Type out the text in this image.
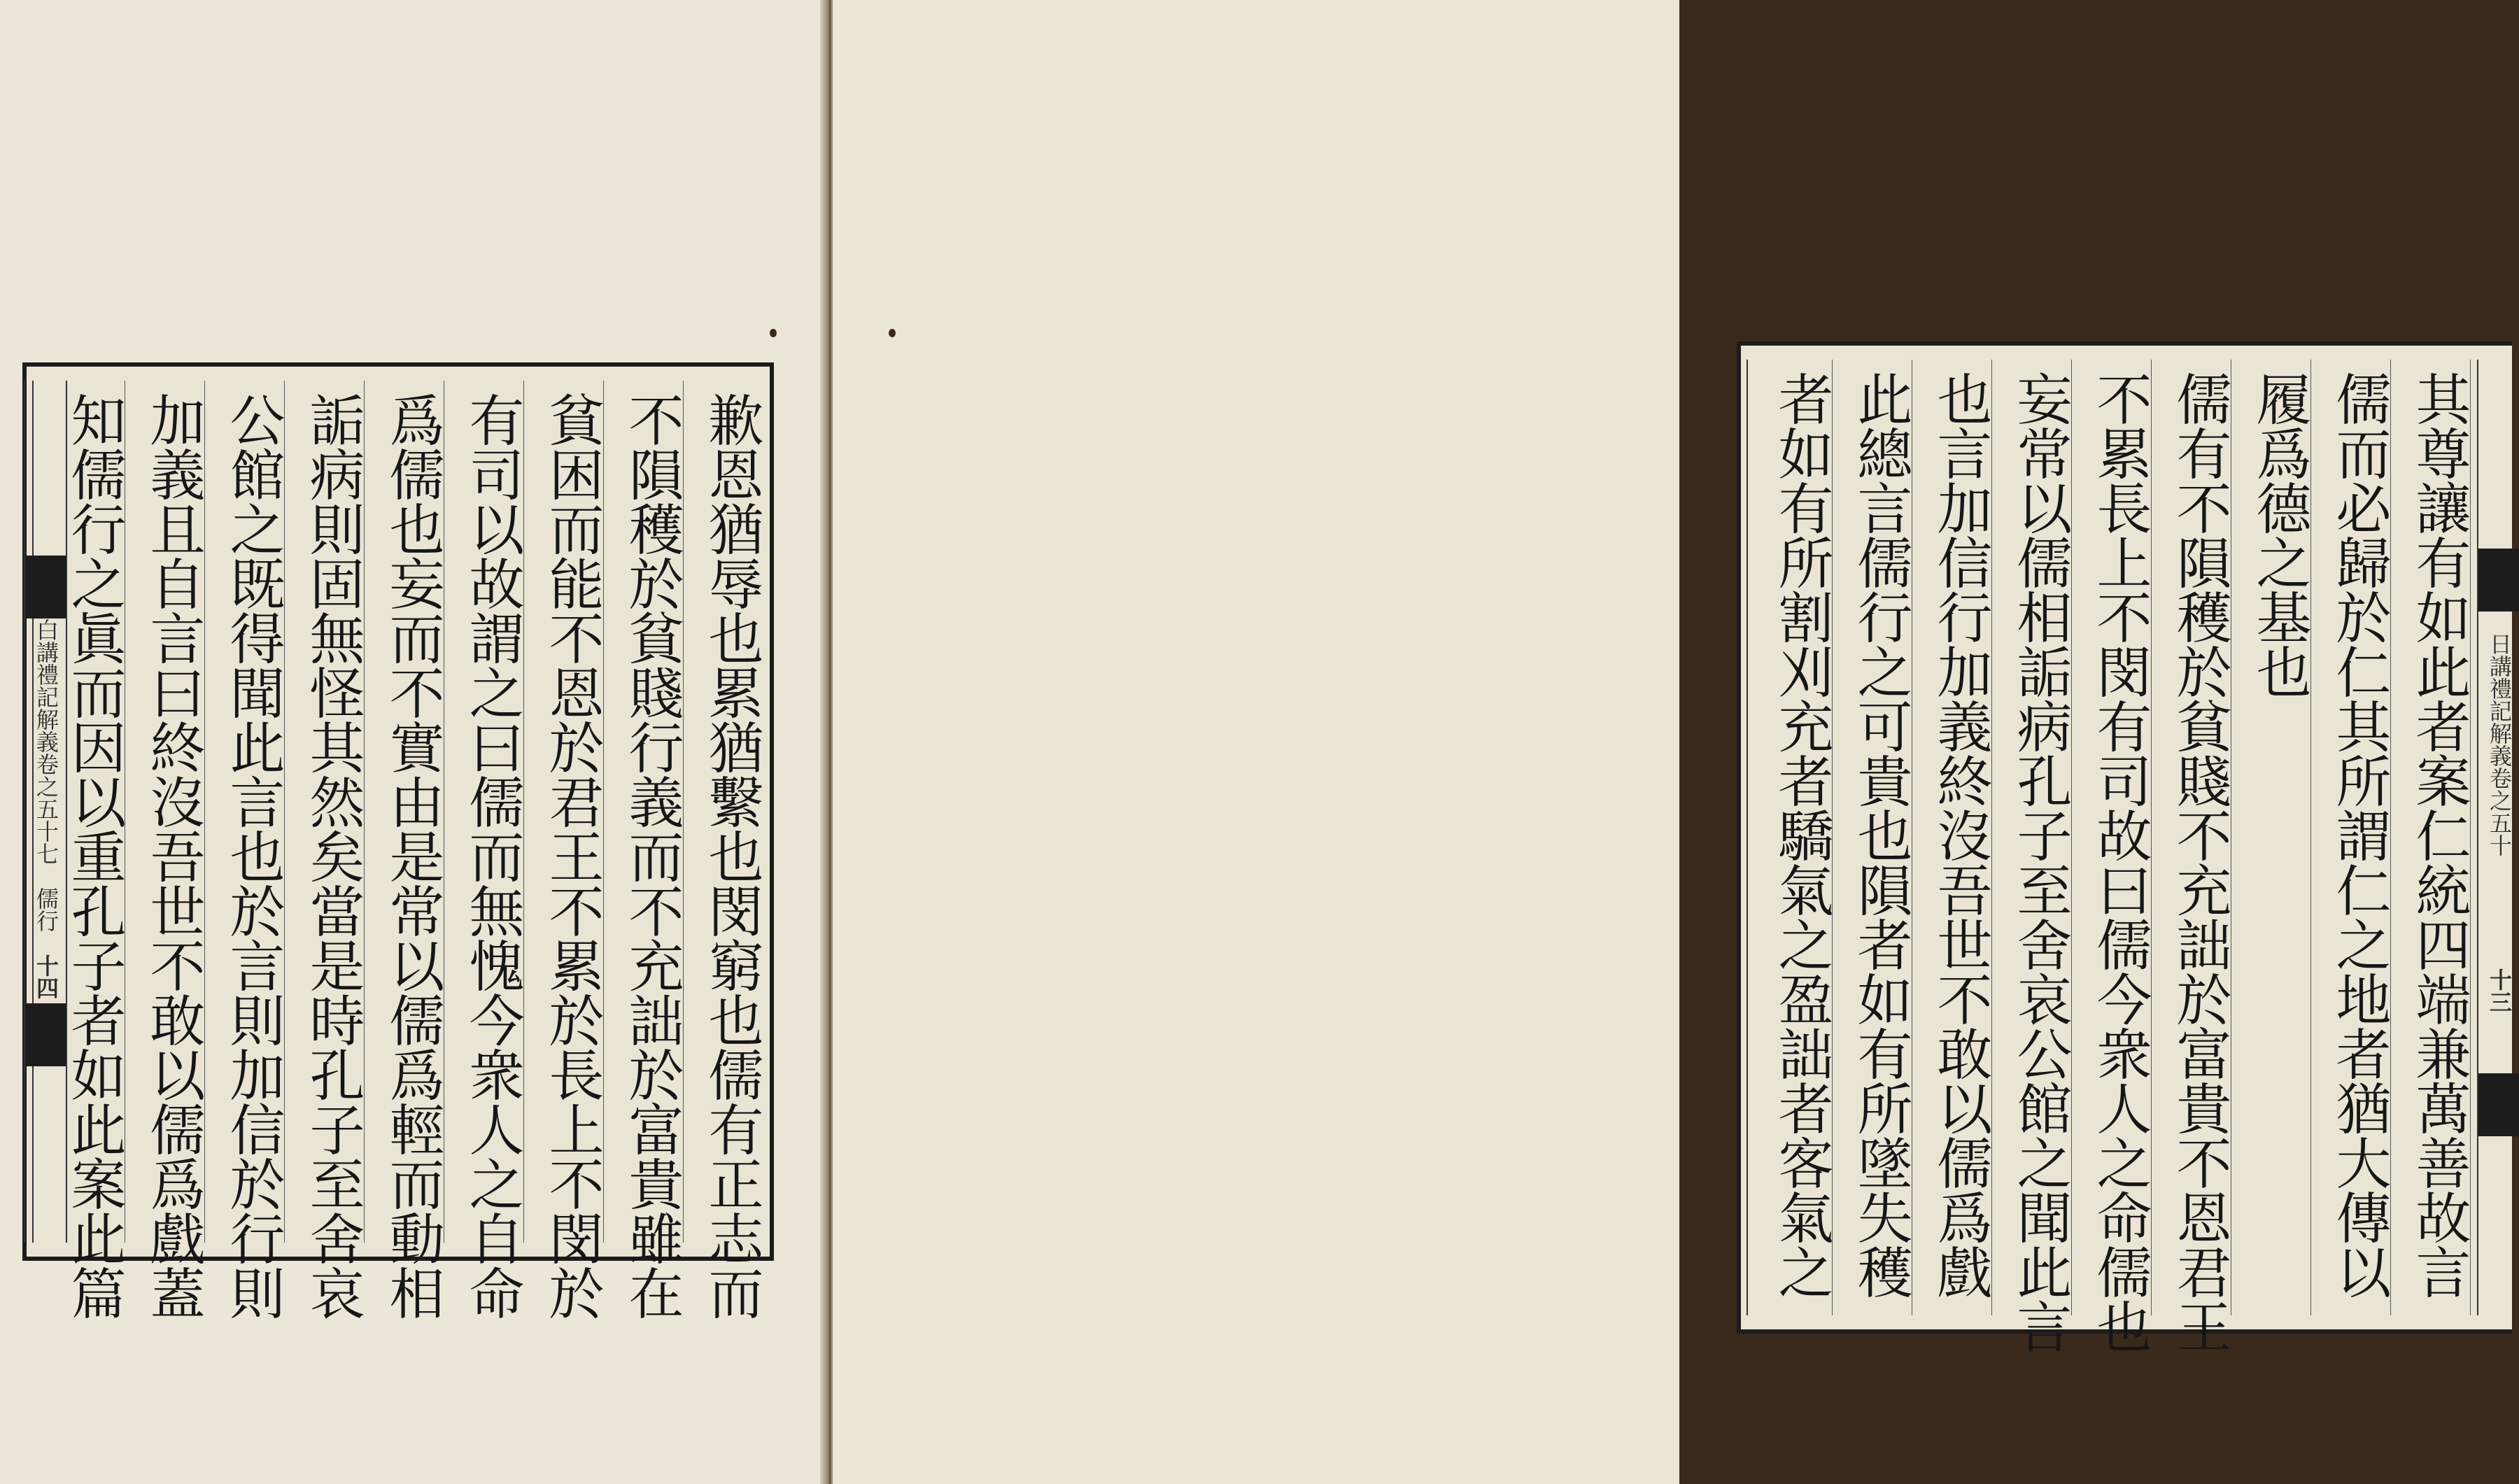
白講禮記解義卷之五十七　儒行
十四	歉恩猶辱也累猶繫也閔窮也儒有正志而
不隕穫於貧賤行義而不充詘於富貴雖在
貧困而能不恩於君王不累於長上不閔於
有司以故謂之曰儒而無愧今衆人之自命
爲儒也妄而不實由是常以儒爲輕而動相
詬病則固無怪其然矣當是時孔子至舍哀
公館之既得聞此言也於言則加信於行則
加義且自言曰終沒吾世不敢以儒爲戲蓋
知儒行之眞而因以重孔子者如此案此篇	日講禮記解義卷之五十
十三
其尊讓有如此者案仁統四端兼萬善故言
儒而必歸於仁其所謂仁之地者猶大傳以
履爲德之基也
儒有不隕穫於貧賤不充詘於富貴不恩君王
不累長上不閔有司故曰儒今衆人之命儒也
妄常以儒相詬病孔子至舍哀公館之聞此言
也言加信行加義終沒吾世不敢以儒爲戲
此總言儒行之可貴也隕者如有所墜失穫
者如有所割刈充者驕氣之盈詘者客氣之
